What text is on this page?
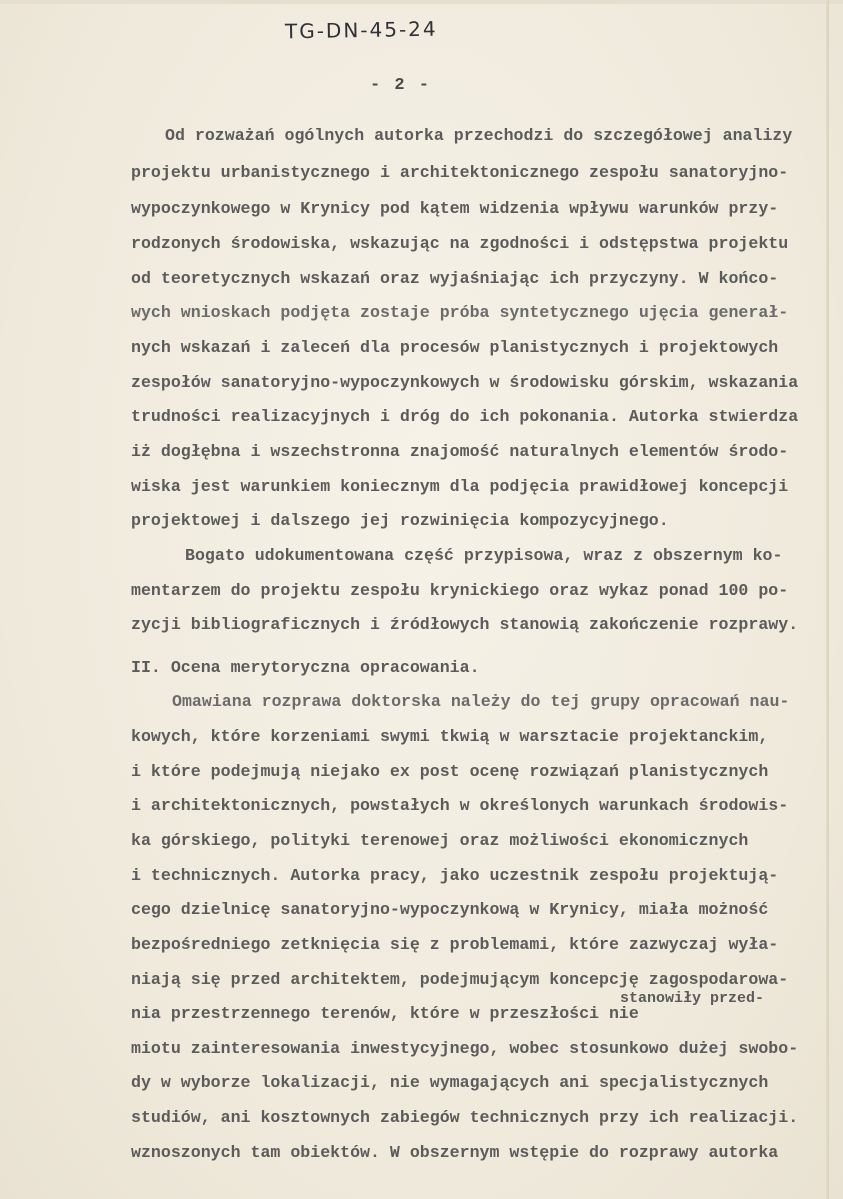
TG-DN-45-24
- 2 -
Od rozważań ogólnych autorka przechodzi do szczegółowej analizy
projektu urbanistycznego i architektonicznego zespołu sanatoryjno-
wypoczynkowego w Krynicy pod kątem widzenia wpływu warunków przy-
rodzonych środowiska, wskazując na zgodności i odstępstwa projektu
od teoretycznych wskazań oraz wyjaśniając ich przyczyny. W końco-
wych wnioskach podjęta zostaje próba syntetycznego ujęcia generał-
nych wskazań i zaleceń dla procesów planistycznych i projektowych
zespołów sanatoryjno-wypoczynkowych w środowisku górskim, wskazania
trudności realizacyjnych i dróg do ich pokonania. Autorka stwierdza
iż dogłębna i wszechstronna znajomość naturalnych elementów środo-
wiska jest warunkiem koniecznym dla podjęcia prawidłowej koncepcji
projektowej i dalszego jej rozwinięcia kompozycyjnego.
Bogato udokumentowana część przypisowa, wraz z obszernym ko-
mentarzem do projektu zespołu krynickiego oraz wykaz ponad 100 po-
zycji bibliograficznych i źródłowych stanowią zakończenie rozprawy.
II. Ocena merytoryczna opracowania.
Omawiana rozprawa doktorska należy do tej grupy opracowań nau-
kowych, które korzeniami swymi tkwią w warsztacie projektanckim,
i które podejmują niejako ex post ocenę rozwiązań planistycznych
i architektonicznych, powstałych w określonych warunkach środowis-
ka górskiego, polityki terenowej oraz możliwości ekonomicznych
i technicznych. Autorka pracy, jako uczestnik zespołu projektują-
cego dzielnicę sanatoryjno-wypoczynkową w Krynicy, miała możność
bezpośredniego zetknięcia się z problemami, które zazwyczaj wyła-
niają się przed architektem, podejmującym koncepcję zagospodarowa-
nia przestrzennego terenów, które w przeszłości nie
stanowiły przed-
miotu zainteresowania inwestycyjnego, wobec stosunkowo dużej swobo-
dy w wyborze lokalizacji, nie wymagających ani specjalistycznych
studiów, ani kosztownych zabiegów technicznych przy ich realizacji.
wznoszonych tam obiektów. W obszernym wstępie do rozprawy autorka
